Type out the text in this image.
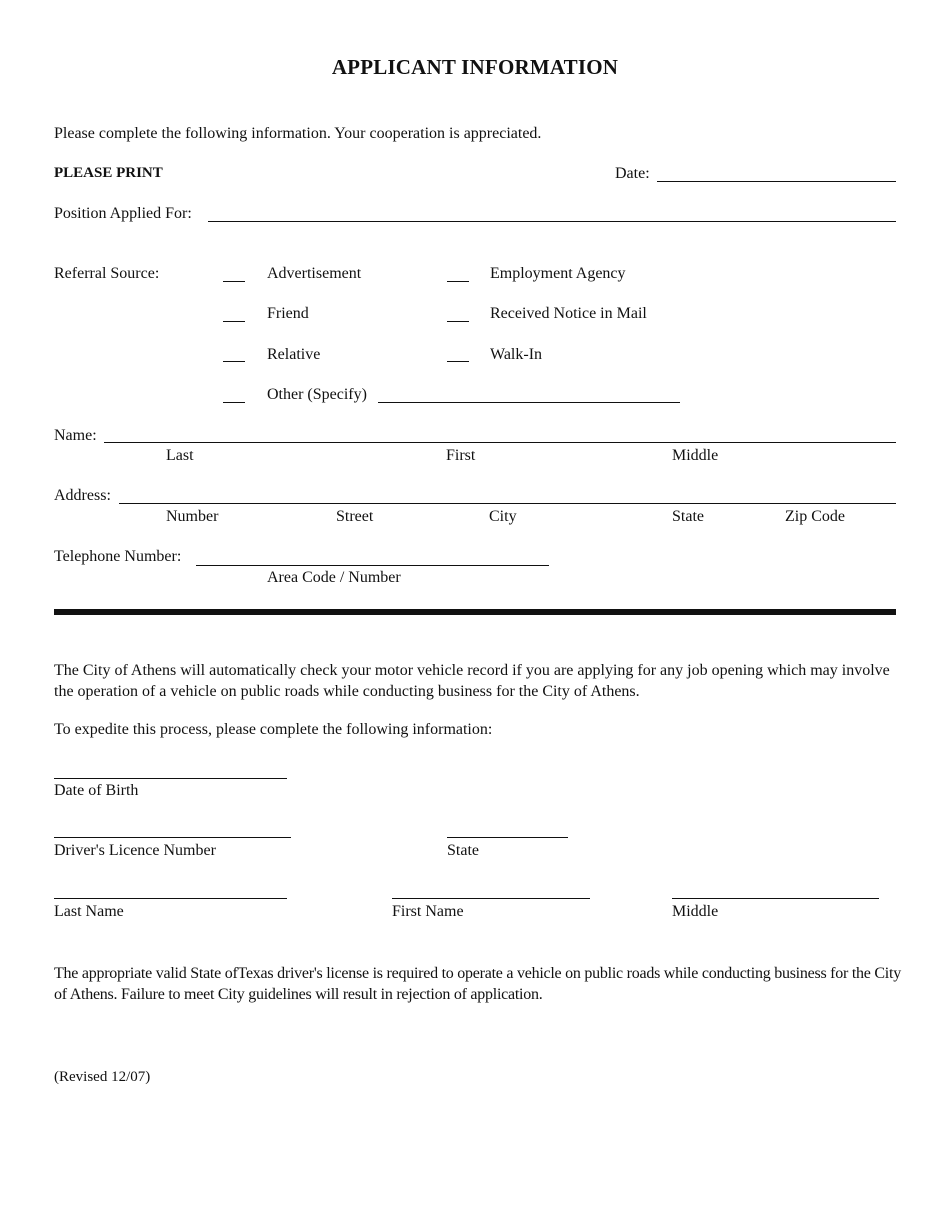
APPLICANT INFORMATION
Please complete the following information. Your cooperation is appreciated.
PLEASE PRINT	Date:
Position Applied For:
Referral Source:	Advertisement	Employment Agency
Friend	Received Notice in Mail
Relative	Walk-In
Other (Specify)
Name:
Last	First	Middle
Address:
Number	Street	City	State	Zip Code
Telephone Number:
Area Code / Number
The City of Athens will automatically check your motor vehicle record if you are applying for any job opening which may involve the operation of a vehicle on public roads while conducting business for the City of Athens.
To expedite this process, please complete the following information:
Date of Birth
Driver's Licence Number	State
Last Name	First Name	Middle
The appropriate valid State ofTexas driver's license is required to operate a vehicle on public roads while conducting business for the City of Athens. Failure to meet City guidelines will result in rejection of application.
(Revised 12/07)
